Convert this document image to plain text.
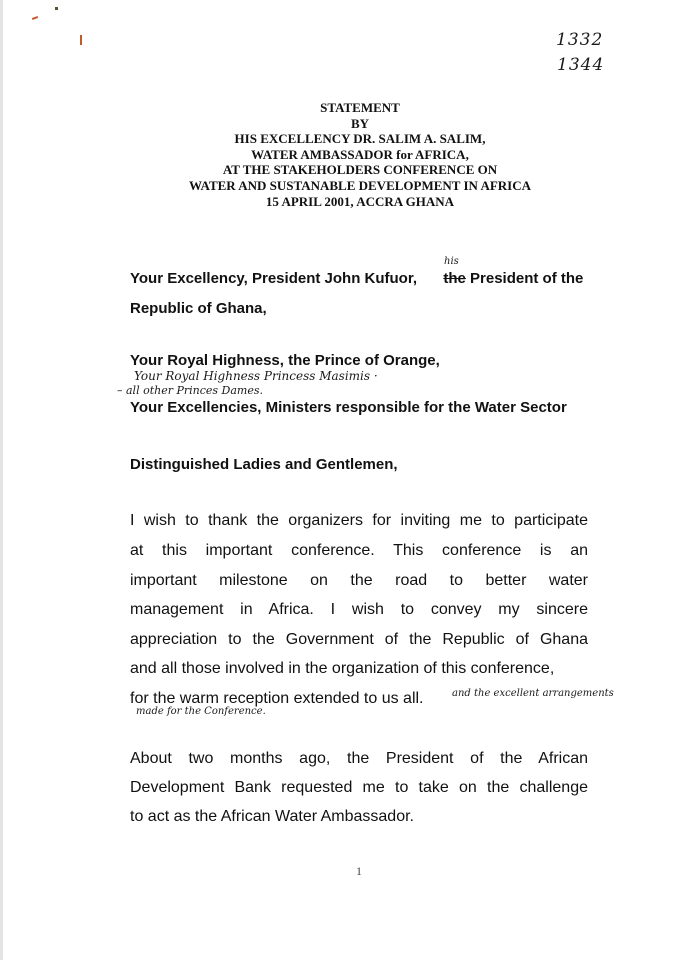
1332
1344
STATEMENT
BY
HIS EXCELLENCY DR. SALIM A. SALIM,
WATER AMBASSADOR for AFRICA,
AT THE STAKEHOLDERS CONFERENCE ON
WATER AND SUSTANABLE DEVELOPMENT IN AFRICA
15 APRIL 2001, ACCRA GHANA
his
Your Excellency, President John Kufuor, the President of the
Republic of Ghana,
Your Royal Highness, the Prince of Orange,
Your Royal Highness Princess Masimis ·
– all other Princes Dames.
Your Excellencies, Ministers responsible for the Water Sector
Distinguished Ladies and Gentlemen,
I wish to thank the organizers for inviting me to participate
at this important conference. This conference is an
important milestone on the road to better water
management in Africa. I wish to convey my sincere
appreciation to the Government of the Republic of Ghana
and all those involved in the organization of this conference,
for the warm reception extended to us all.	and the excellent arrangements
made for the Conference.
About two months ago, the President of the African
Development Bank requested me to take on the challenge
to act as the African Water Ambassador.
1
